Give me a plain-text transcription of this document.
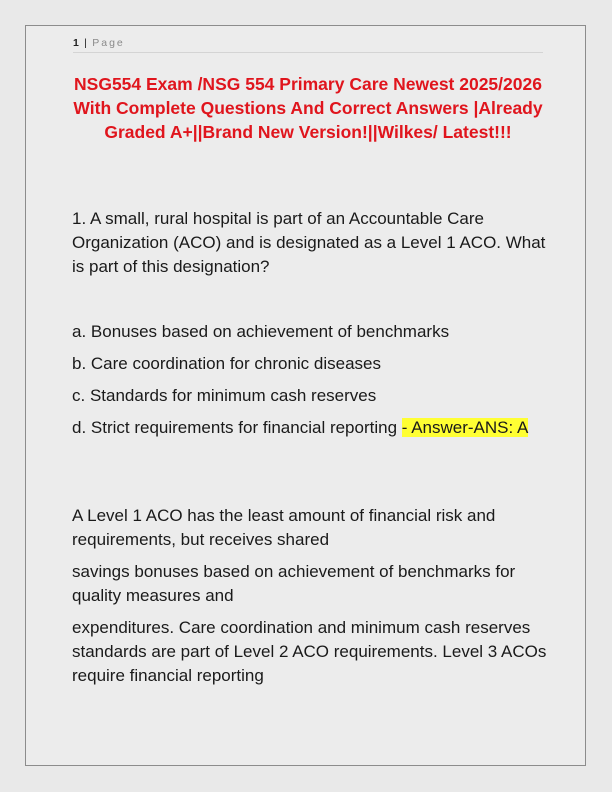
1 | Page
NSG554 Exam /NSG 554 Primary Care Newest 2025/2026 With Complete Questions And Correct Answers |Already Graded A+||Brand New Version!||Wilkes/ Latest!!!
1. A small, rural hospital is part of an Accountable Care Organization (ACO) and is designated as a Level 1 ACO. What is part of this designation?
a. Bonuses based on achievement of benchmarks
b. Care coordination for chronic diseases
c. Standards for minimum cash reserves
d. Strict requirements for financial reporting - Answer-ANS: A
A Level 1 ACO has the least amount of financial risk and requirements, but receives shared
savings bonuses based on achievement of benchmarks for quality measures and
expenditures. Care coordination and minimum cash reserves standards are part of Level 2 ACO requirements. Level 3 ACOs require financial reporting
